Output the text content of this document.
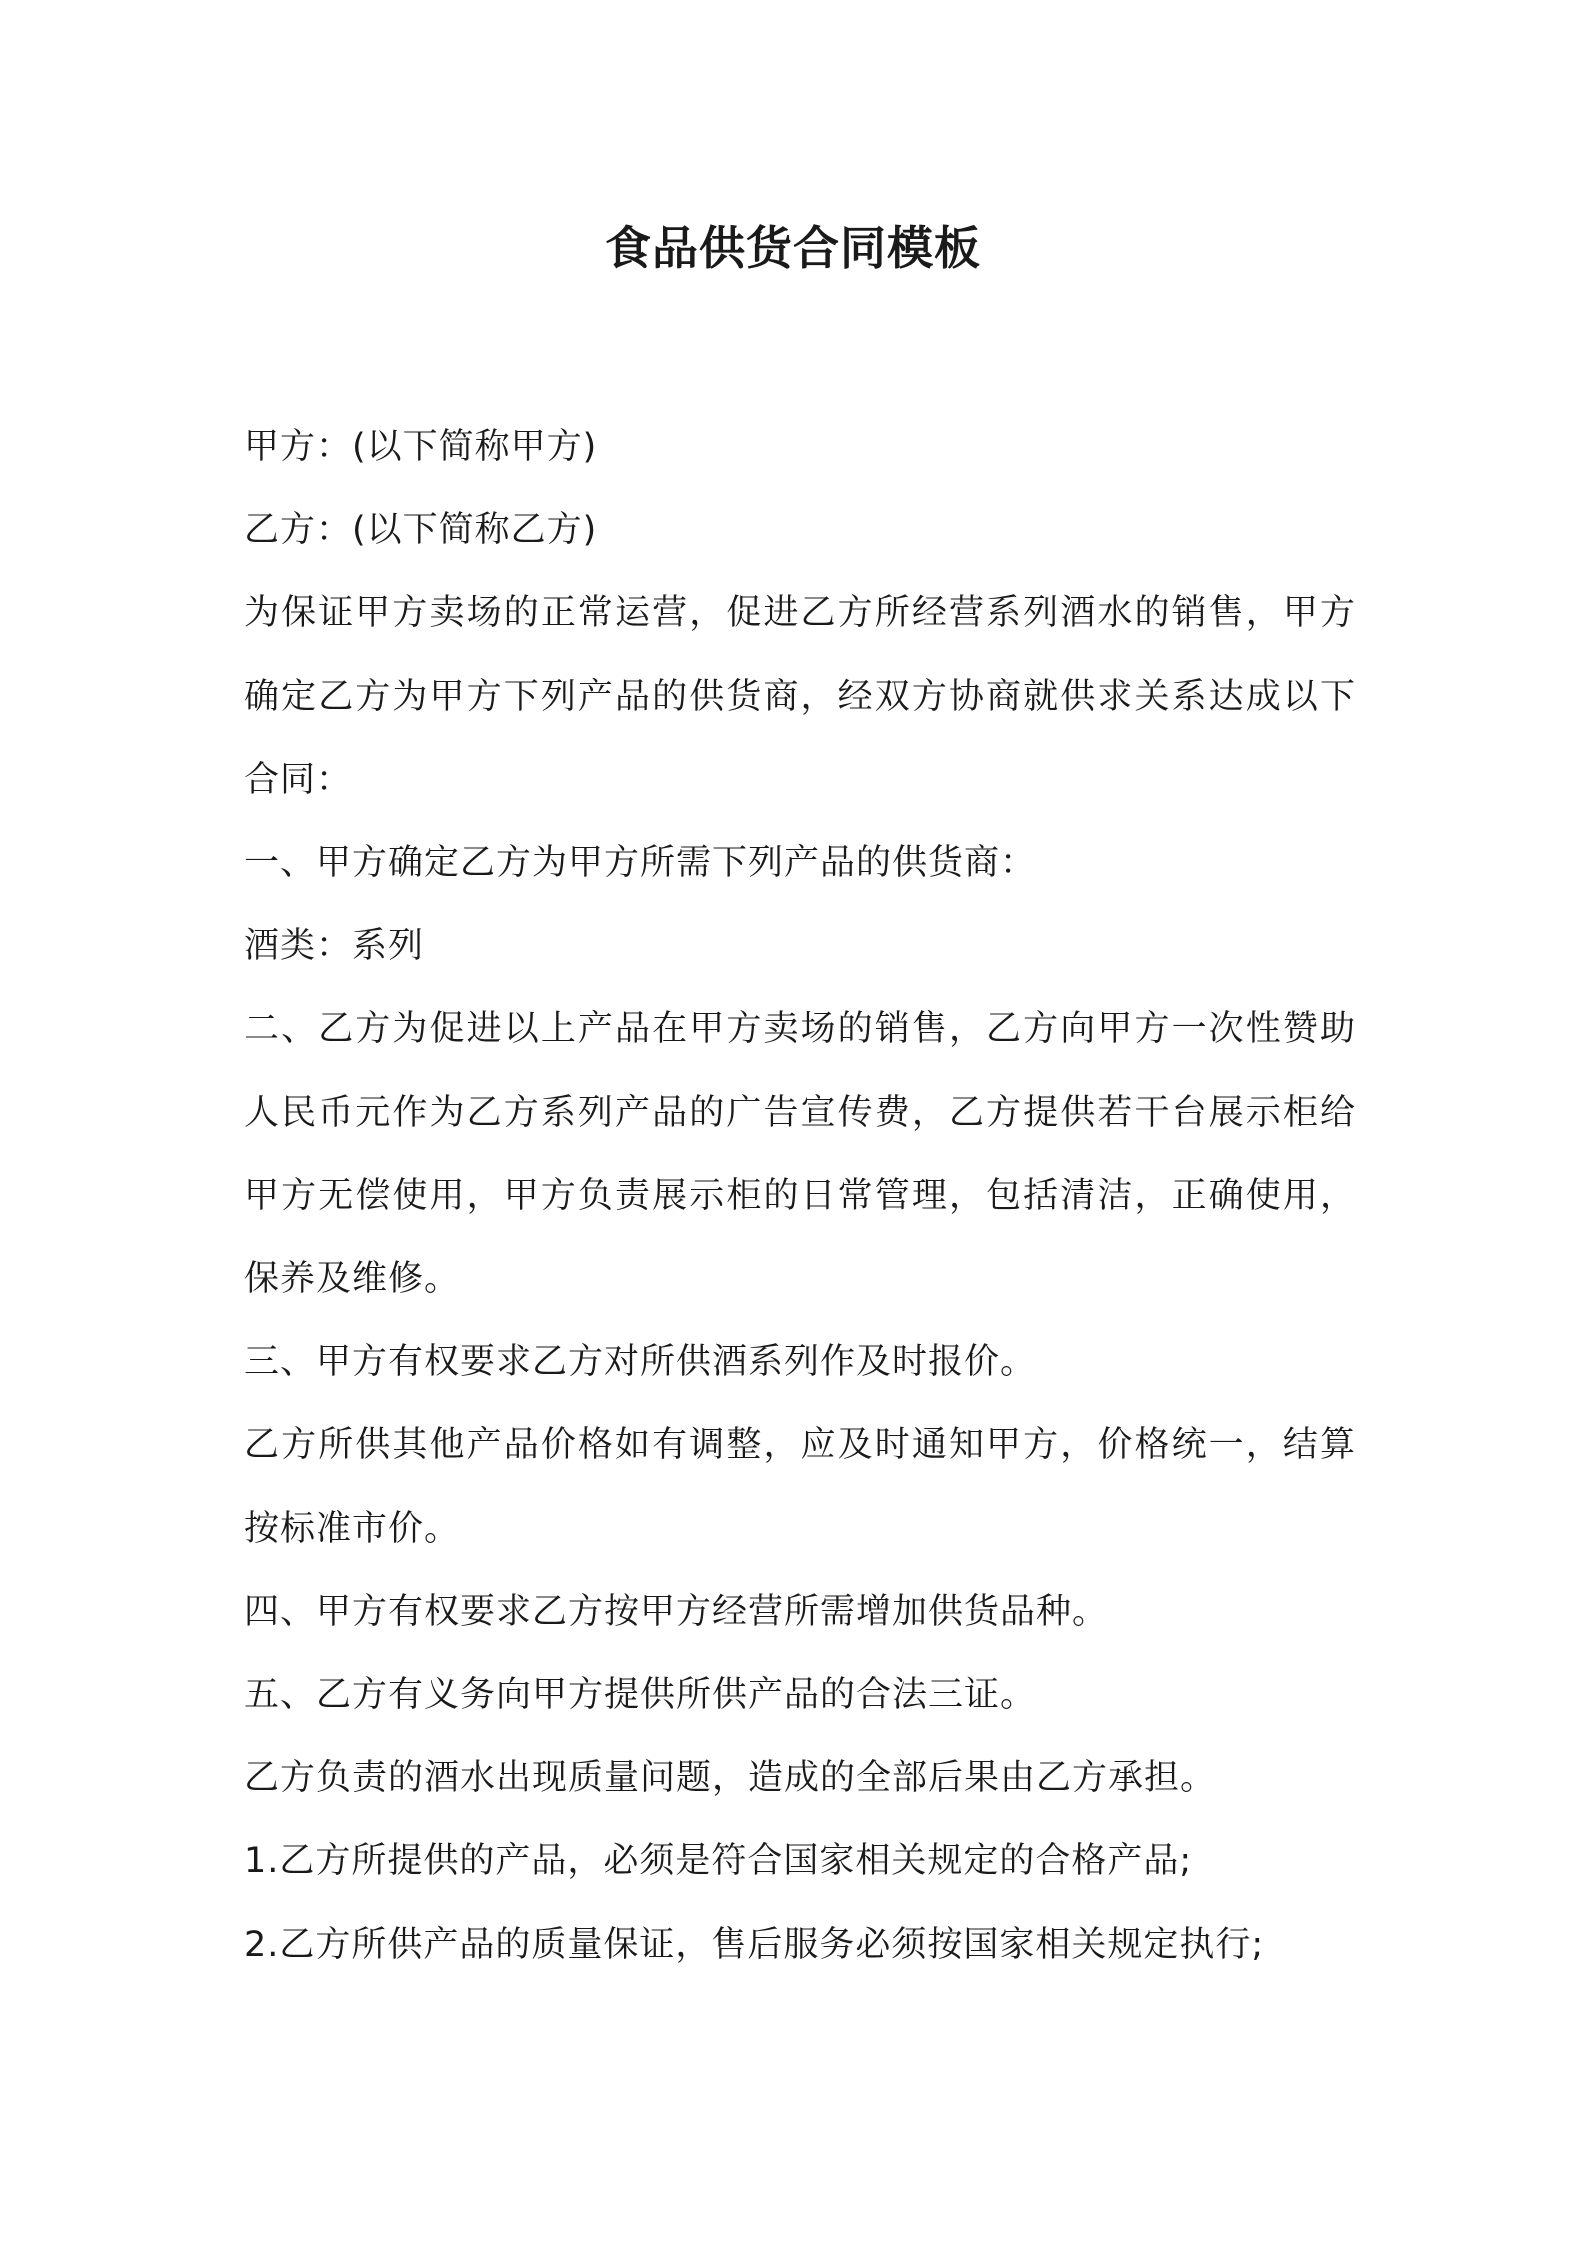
食品供货合同模板

甲方：(以下简称甲方)

乙方：(以下简称乙方)

为保证甲方卖场的正常运营，促进乙方所经营系列酒水的销售，甲方确定乙方为甲方下列产品的供货商，经双方协商就供求关系达成以下合同：

一、甲方确定乙方为甲方所需下列产品的供货商：

酒类：系列

二、乙方为促进以上产品在甲方卖场的销售，乙方向甲方一次性赞助人民币元作为乙方系列产品的广告宣传费，乙方提供若干台展示柜给甲方无偿使用，甲方负责展示柜的日常管理，包括清洁，正确使用，保养及维修。

三、甲方有权要求乙方对所供酒系列作及时报价。

乙方所供其他产品价格如有调整，应及时通知甲方，价格统一，结算按标准市价。

四、甲方有权要求乙方按甲方经营所需增加供货品种。

五、乙方有义务向甲方提供所供产品的合法三证。

乙方负责的酒水出现质量问题，造成的全部后果由乙方承担。

1.乙方所提供的产品，必须是符合国家相关规定的合格产品;

2.乙方所供产品的质量保证，售后服务必须按国家相关规定执行;
